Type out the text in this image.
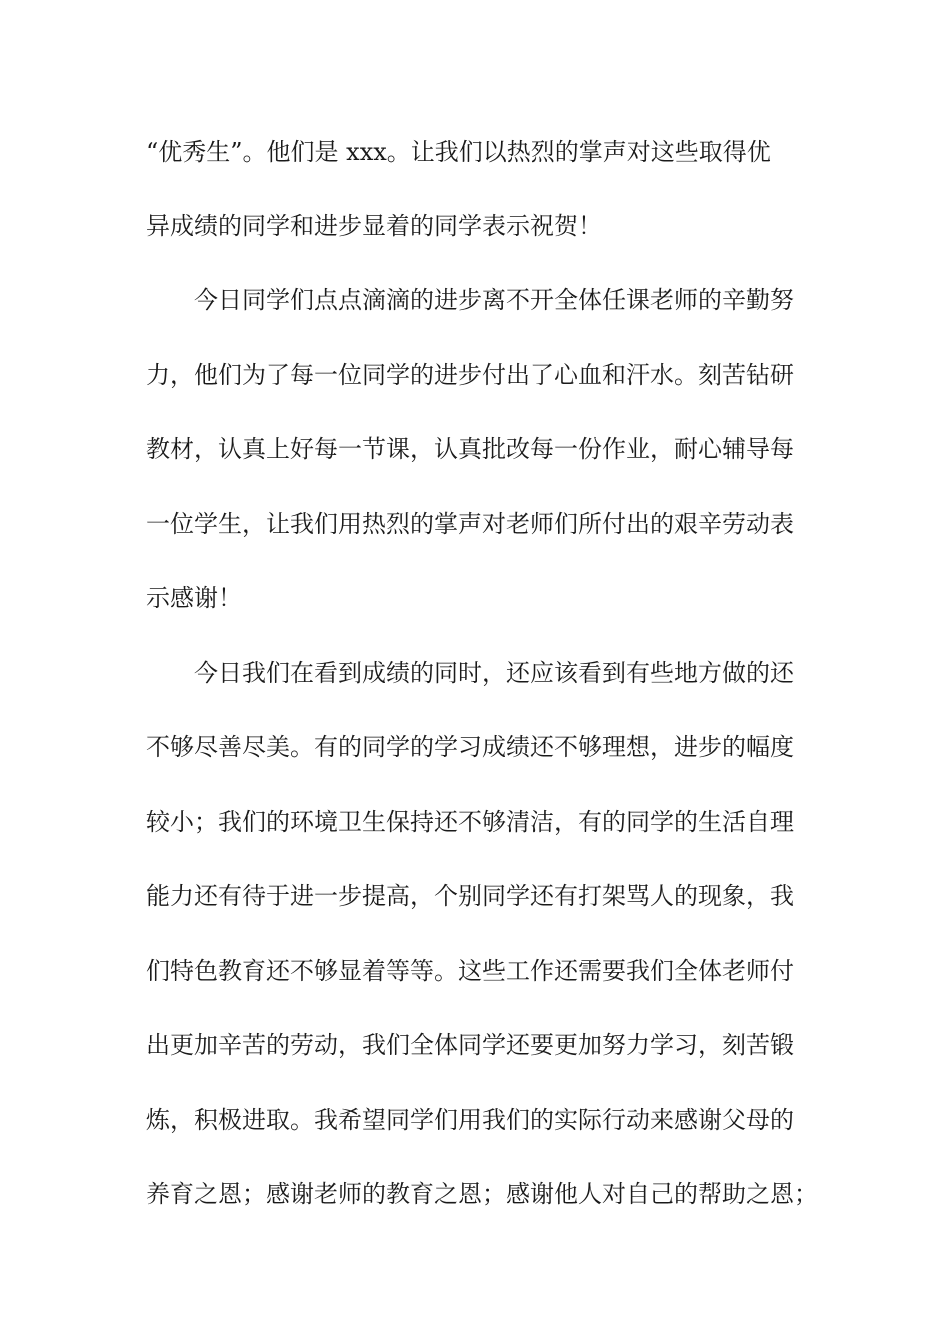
“优秀生”。他们是 xxx。让我们以热烈的掌声对这些取得优

异成绩的同学和进步显着的同学表示祝贺！

今日同学们点点滴滴的进步离不开全体任课老师的辛勤努

力，他们为了每一位同学的进步付出了心血和汗水。刻苦钻研

教材，认真上好每一节课，认真批改每一份作业，耐心辅导每

一位学生，让我们用热烈的掌声对老师们所付出的艰辛劳动表

示感谢！

今日我们在看到成绩的同时，还应该看到有些地方做的还

不够尽善尽美。有的同学的学习成绩还不够理想，进步的幅度

较小；我们的环境卫生保持还不够清洁，有的同学的生活自理

能力还有待于进一步提高，个别同学还有打架骂人的现象，我

们特色教育还不够显着等等。这些工作还需要我们全体老师付

出更加辛苦的劳动，我们全体同学还要更加努力学习，刻苦锻

炼，积极进取。我希望同学们用我们的实际行动来感谢父母的

养育之恩；感谢老师的教育之恩；感谢他人对自己的帮助之恩；
